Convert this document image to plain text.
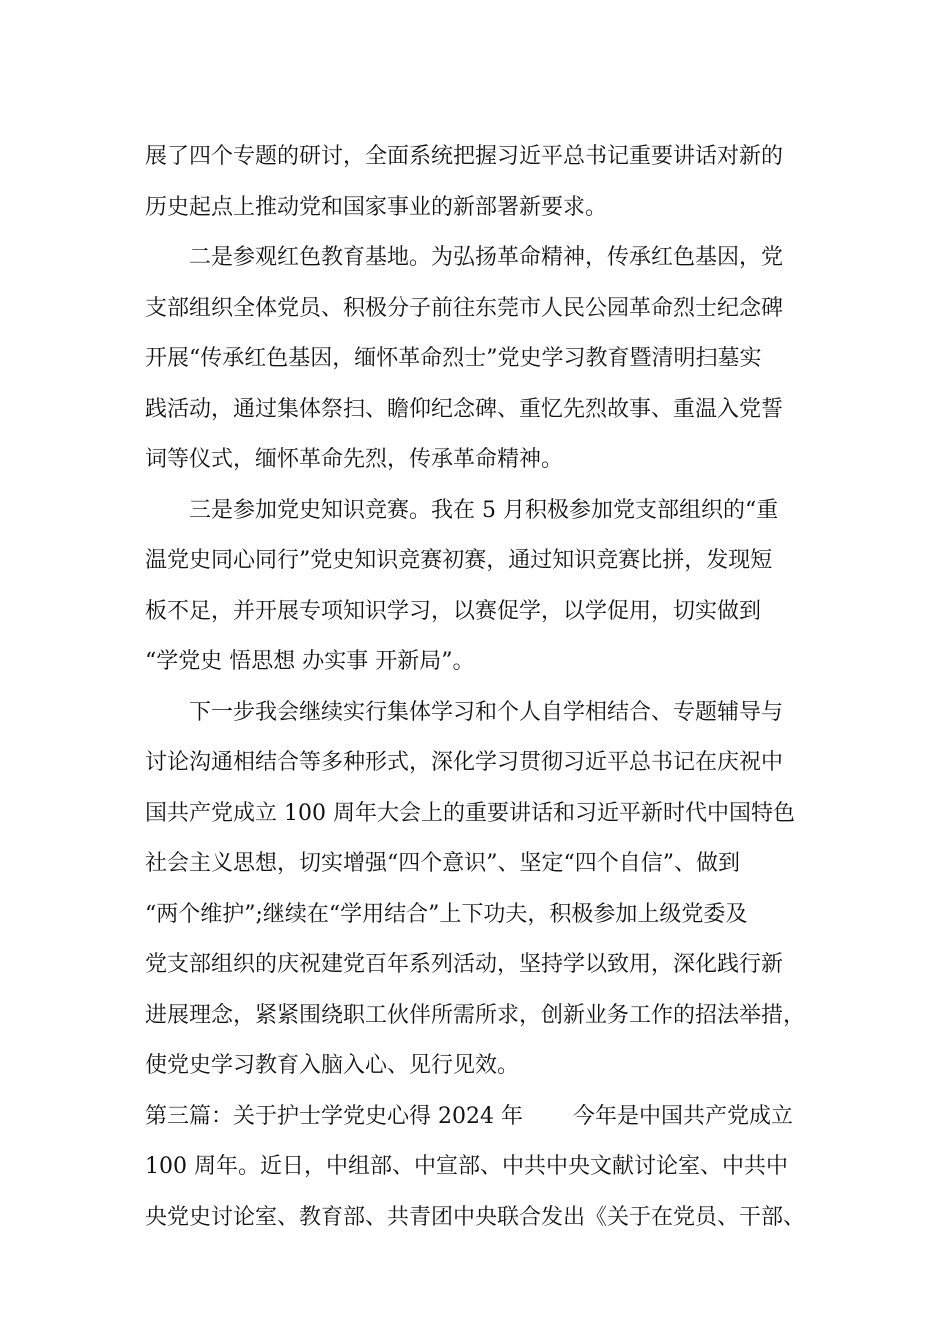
展了四个专题的研讨，全面系统把握习近平总书记重要讲话对新的
历史起点上推动党和国家事业的新部署新要求。
二是参观红色教育基地。为弘扬革命精神，传承红色基因，党
支部组织全体党员、积极分子前往东莞市人民公园革命烈士纪念碑
开展“传承红色基因，缅怀革命烈士”党史学习教育暨清明扫墓实
践活动，通过集体祭扫、瞻仰纪念碑、重忆先烈故事、重温入党誓
词等仪式，缅怀革命先烈，传承革命精神。
三是参加党史知识竞赛。我在 5 月积极参加党支部组织的“重
温党史同心同行”党史知识竞赛初赛，通过知识竞赛比拼，发现短
板不足，并开展专项知识学习，以赛促学，以学促用，切实做到
“学党史 悟思想 办实事 开新局”。
下一步我会继续实行集体学习和个人自学相结合、专题辅导与
讨论沟通相结合等多种形式，深化学习贯彻习近平总书记在庆祝中
国共产党成立 100 周年大会上的重要讲话和习近平新时代中国特色
社会主义思想，切实增强“四个意识”、坚定“四个自信”、做到
“两个维护”;继续在“学用结合”上下功夫，积极参加上级党委及
党支部组织的庆祝建党百年系列活动，坚持学以致用，深化践行新
进展理念，紧紧围绕职工伙伴所需所求，创新业务工作的招法举措，
使党史学习教育入脑入心、见行见效。
第三篇：关于护士学党史心得 2024 年 今年是中国共产党成立
100 周年。近日，中组部、中宣部、中共中央文献讨论室、中共中
央党史讨论室、教育部、共青团中央联合发出《关于在党员、干部、
